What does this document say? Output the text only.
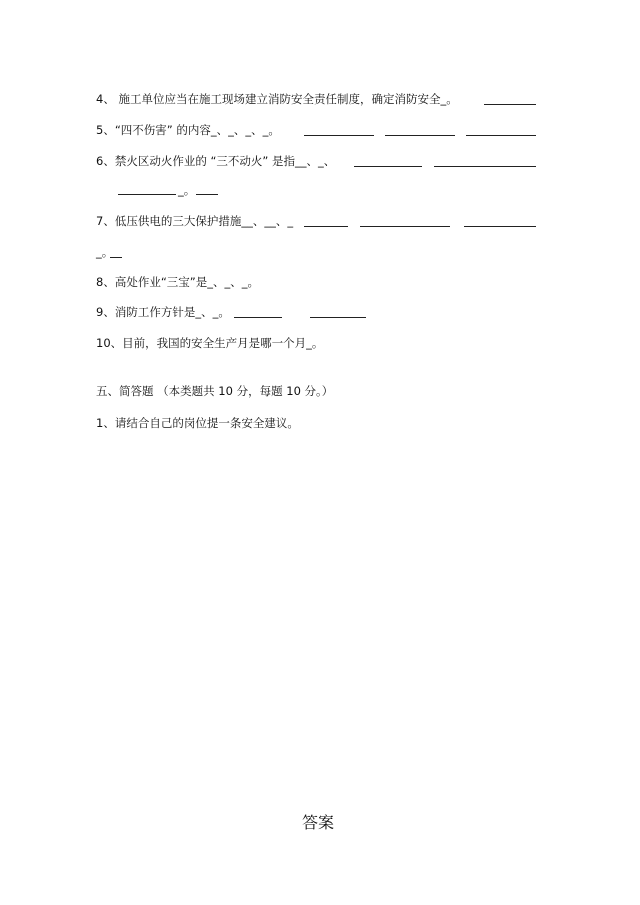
4、 施工单位应当在施工现场建立消防安全责任制度，确定消防安全_。
5、“四不伤害” 的内容_、_、_、_。
6、禁火区动火作业的 “三不动火” 是指__、_、
_。
7、低压供电的三大保护措施__、__、_
_。
8、高处作业“三宝”是_、_、_。
9、消防工作方针是_、_。
10、目前，我国的安全生产月是哪一个月_。
五、简答题 （本类题共 10 分，每题 10 分。）
1、请结合自己的岗位提一条安全建议。
答案
